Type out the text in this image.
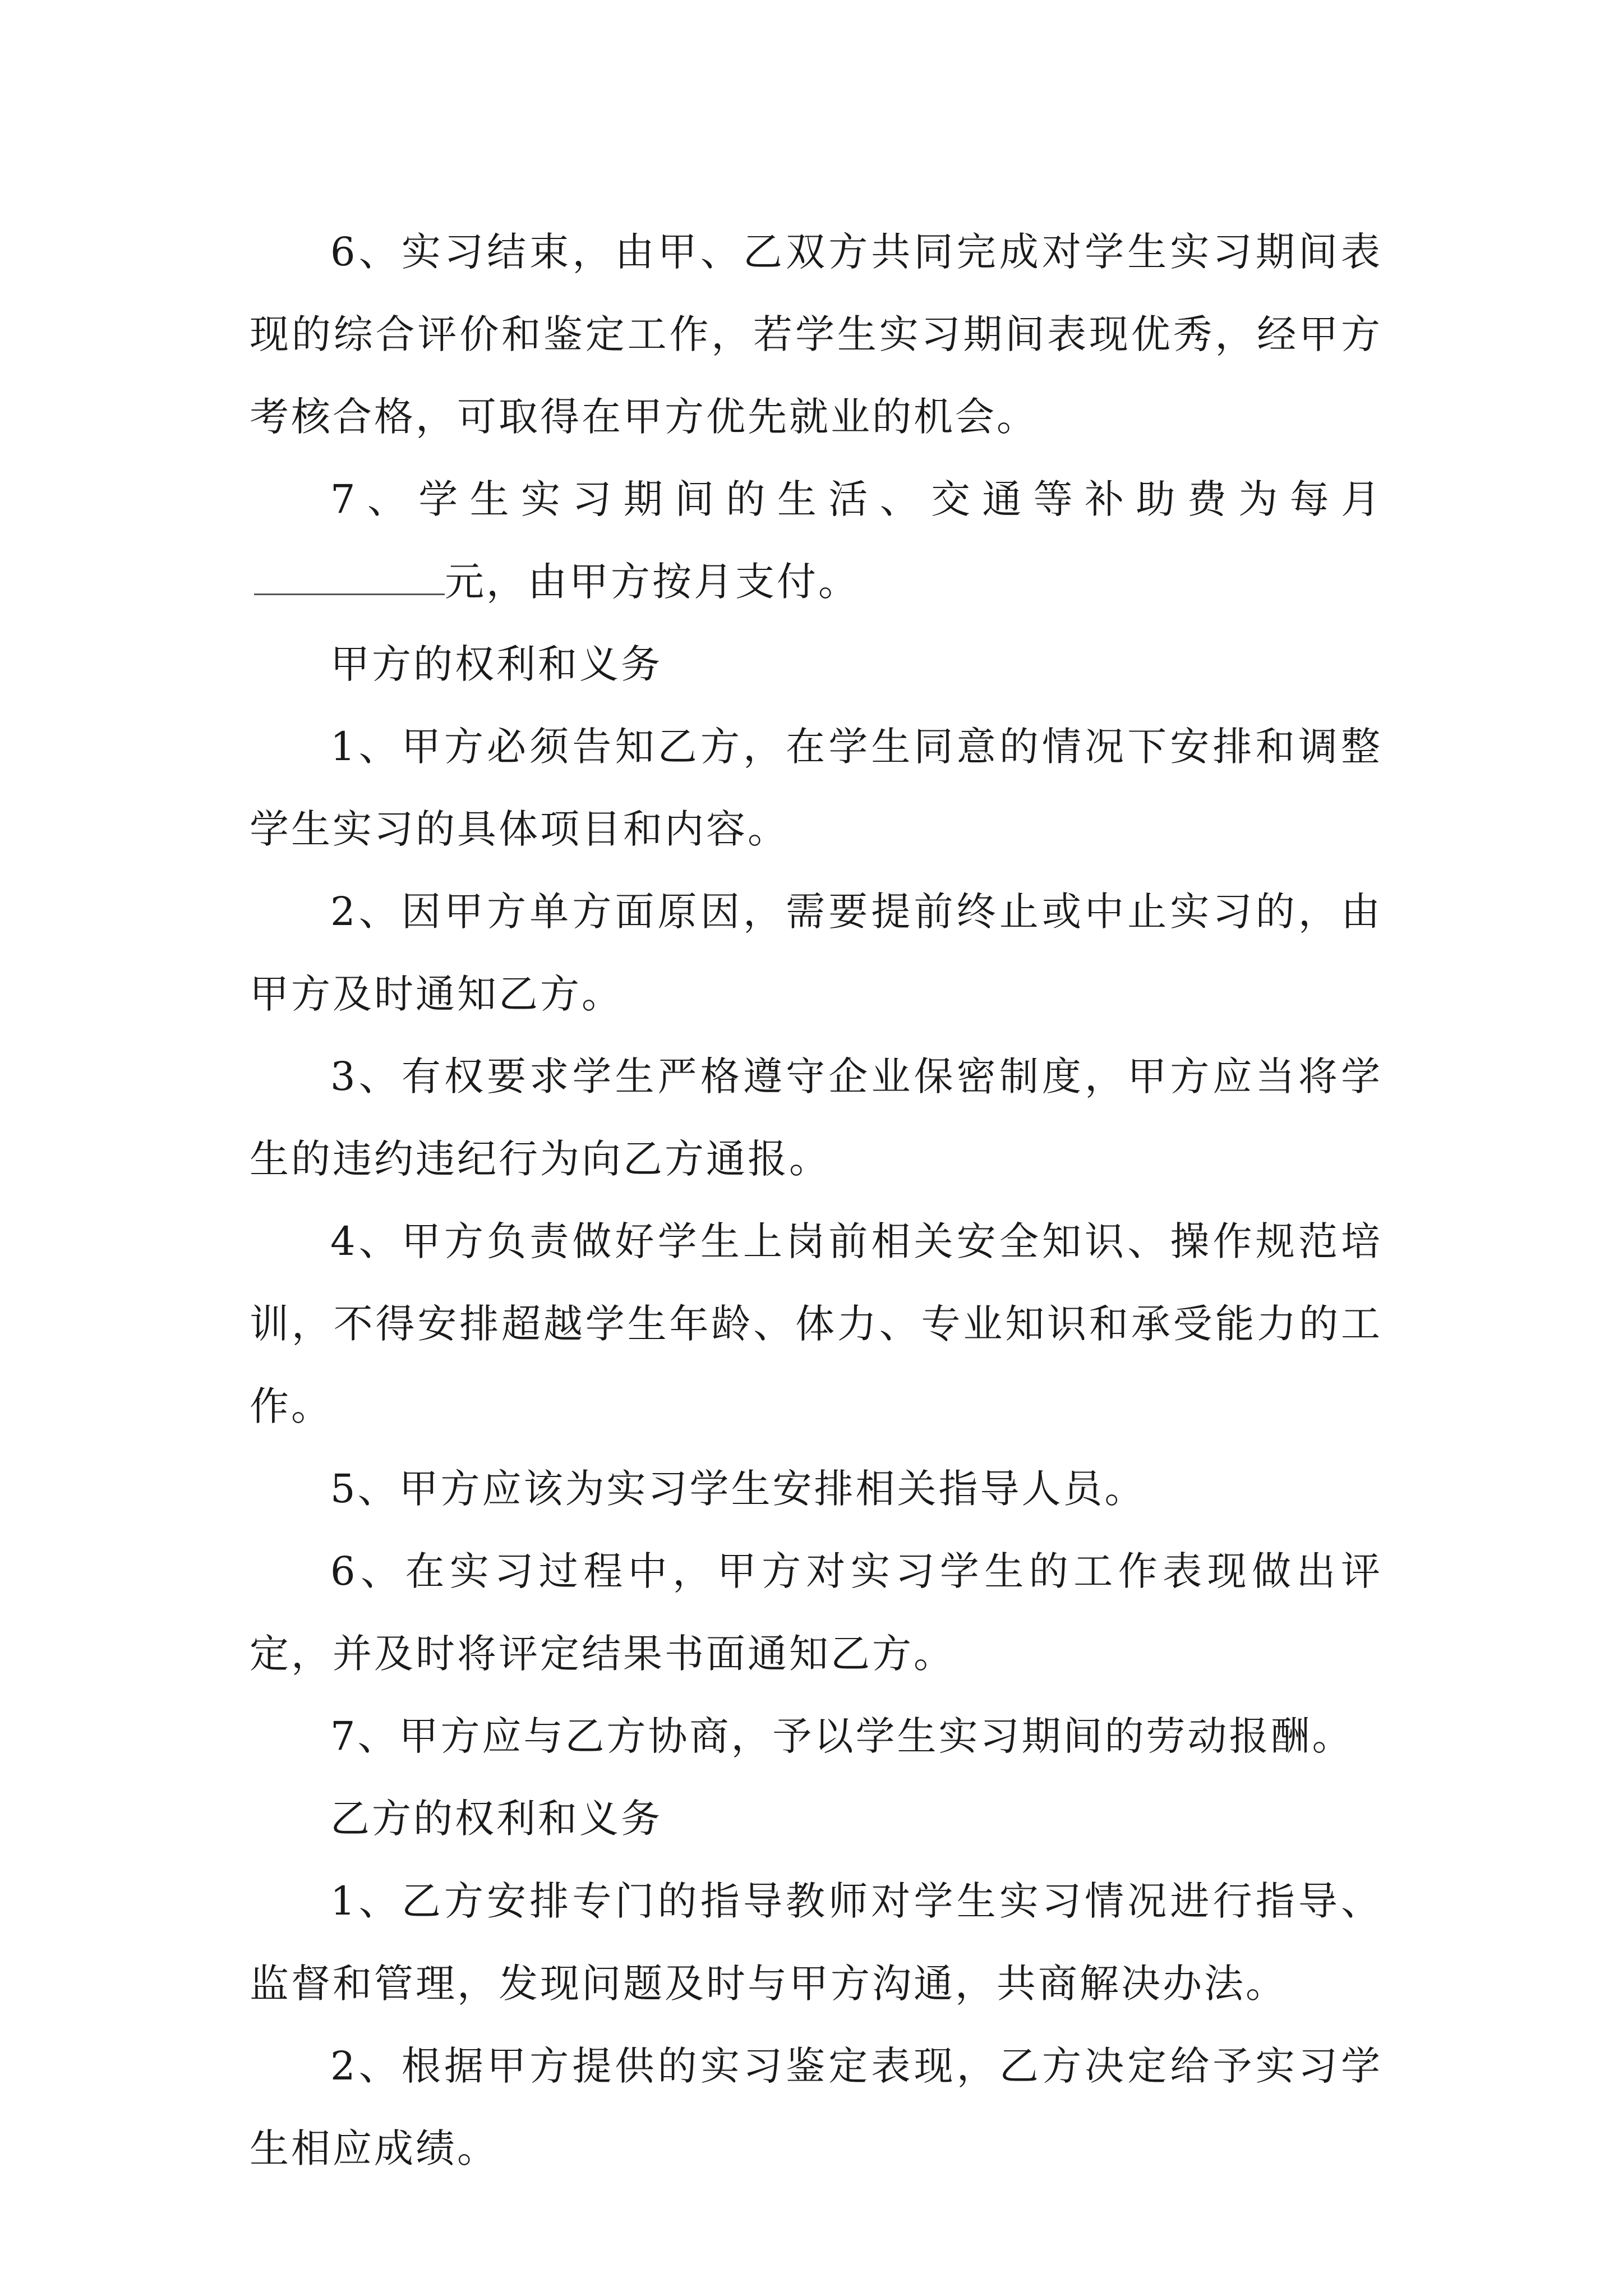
6、实习结束，由甲、乙双方共同完成对学生实习期间表现的综合评价和鉴定工作，若学生实习期间表现优秀，经甲方考核合格，可取得在甲方优先就业的机会。

7、学生实习期间的生活、交通等补助费为每月元，由甲方按月支付。

甲方的权利和义务

1、甲方必须告知乙方，在学生同意的情况下安排和调整学生实习的具体项目和内容。

2、因甲方单方面原因，需要提前终止或中止实习的，由甲方及时通知乙方。

3、有权要求学生严格遵守企业保密制度，甲方应当将学生的违约违纪行为向乙方通报。

4、甲方负责做好学生上岗前相关安全知识、操作规范培训，不得安排超越学生年龄、体力、专业知识和承受能力的工作。

5、甲方应该为实习学生安排相关指导人员。

6、在实习过程中，甲方对实习学生的工作表现做出评定，并及时将评定结果书面通知乙方。

7、甲方应与乙方协商，予以学生实习期间的劳动报酬。

乙方的权利和义务

1、乙方安排专门的指导教师对学生实习情况进行指导、监督和管理，发现问题及时与甲方沟通，共商解决办法。

2、根据甲方提供的实习鉴定表现，乙方决定给予实习学生相应成绩。
